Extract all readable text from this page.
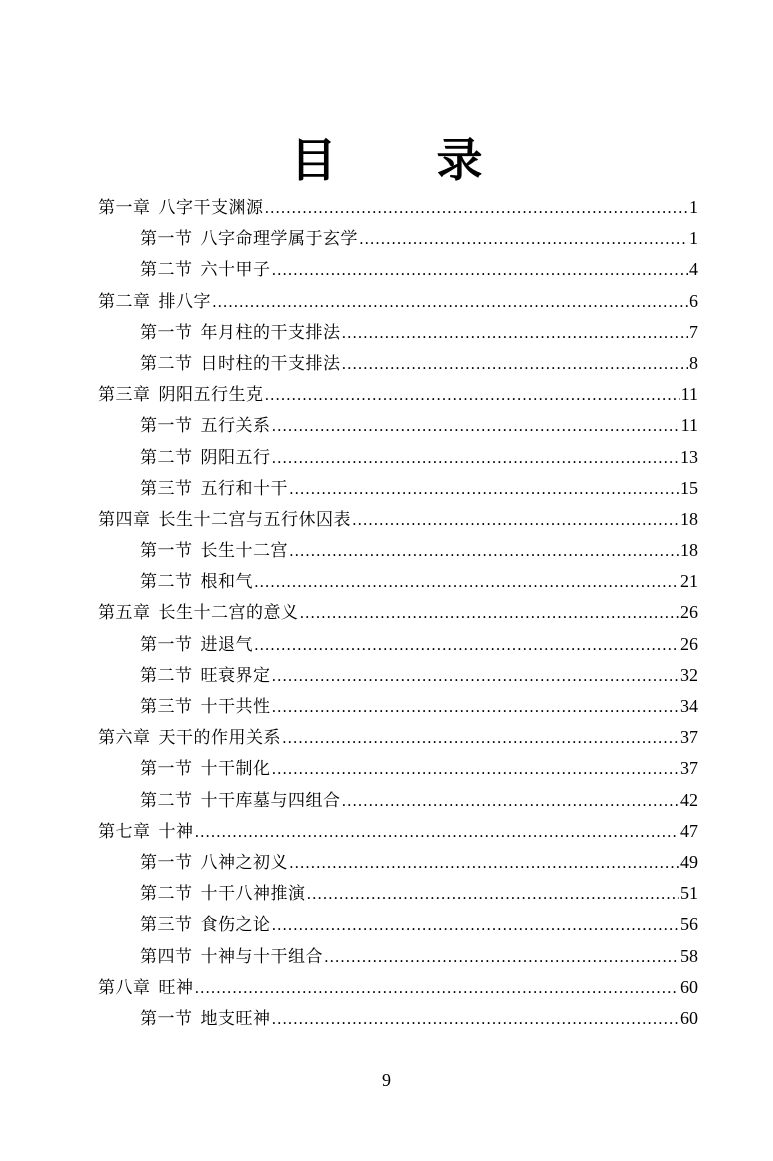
目 录
第一章 八字干支渊源 .....	1
第一节 八字命理学属于玄学 .....	1
第二节 六十甲子 .....	4
第二章 排八字 .....	6
第一节 年月柱的干支排法 .....	7
第二节 日时柱的干支排法 .....	8
第三章 阴阳五行生克 .....	11
第一节 五行关系 .....	11
第二节 阴阳五行 .....	13
第三节 五行和十干 .....	15
第四章 长生十二宫与五行休囚表 .....	18
第一节 长生十二宫 .....	18
第二节 根和气 .....	21
第五章 长生十二宫的意义 .....	26
第一节 进退气 .....	26
第二节 旺衰界定 .....	32
第三节 十干共性 .....	34
第六章 天干的作用关系 .....	37
第一节 十干制化 .....	37
第二节 十干库墓与四组合 .....	42
第七章 十神 .....	47
第一节 八神之初义 .....	49
第二节 十干八神推演 .....	51
第三节 食伤之论 .....	56
第四节 十神与十干组合 .....	58
第八章 旺神 .....	60
第一节 地支旺神 .....	60
9
